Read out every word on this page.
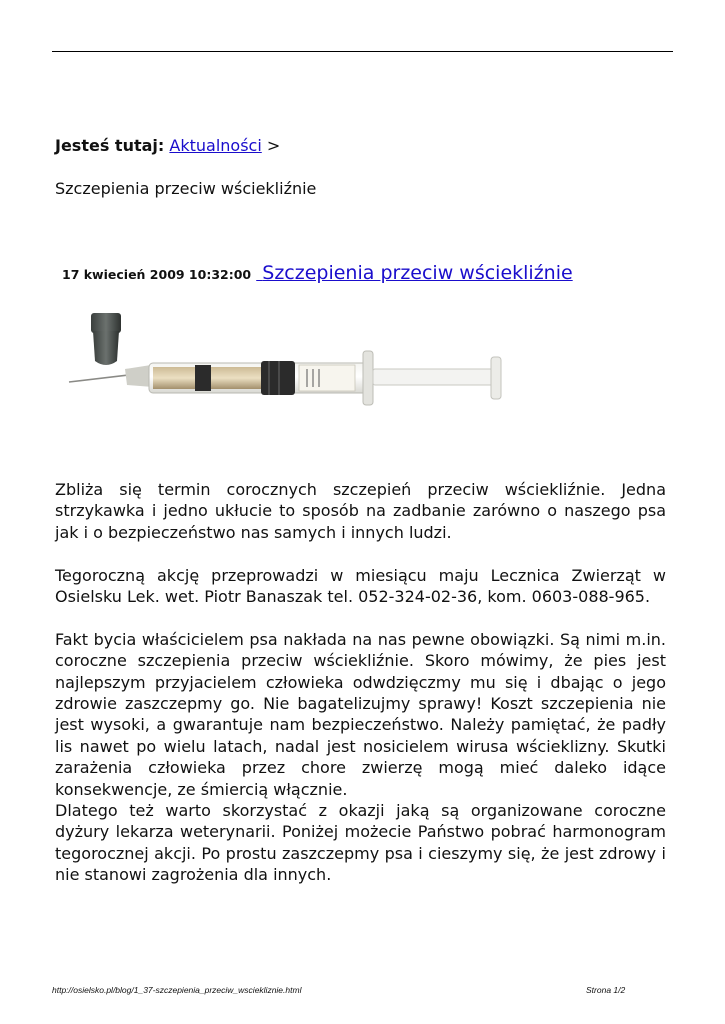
Jesteś tutaj: Aktualności >
Szczepienia przeciw wściekliźnie
17 kwiecień 2009 10:32:00 Szczepienia przeciw wściekliźnie

Zbliża się termin corocznych szczepień przeciw wściekliźnie. Jedna strzykawka i jedno ukłucie to sposób na zadbanie zarówno o naszego psa jak i o bezpieczeństwo nas samych i innych ludzi.

Tegoroczną akcję przeprowadzi w miesiącu maju Lecznica Zwierząt w Osielsku Lek. wet. Piotr Banaszak tel. 052-324-02-36, kom. 0603-088-965.

Fakt bycia właścicielem psa nakłada na nas pewne obowiązki. Są nimi m.in. coroczne szczepienia przeciw wściekliźnie. Skoro mówimy, że pies jest najlepszym przyjacielem człowieka odwdzięczmy mu się i dbając o jego zdrowie zaszczepmy go. Nie bagatelizujmy sprawy! Koszt szczepienia nie jest wysoki, a gwarantuje nam bezpieczeństwo. Należy pamiętać, że padły lis nawet po wielu latach, nadal jest nosicielem wirusa wścieklizny. Skutki zarażenia człowieka przez chore zwierzę mogą mieć daleko idące konsekwencje, ze śmiercią włącznie.

Dlatego też warto skorzystać z okazji jaką są organizowane coroczne dyżury lekarza weterynarii. Poniżej możecie Państwo pobrać harmonogram tegorocznej akcji. Po prostu zaszczepmy psa i cieszymy się, że jest zdrowy i nie stanowi zagrożenia dla innych.

http://osielsko.pl/blog/1_37-szczepienia_przeciw_wsciekliznie.html	Strona 1/2
